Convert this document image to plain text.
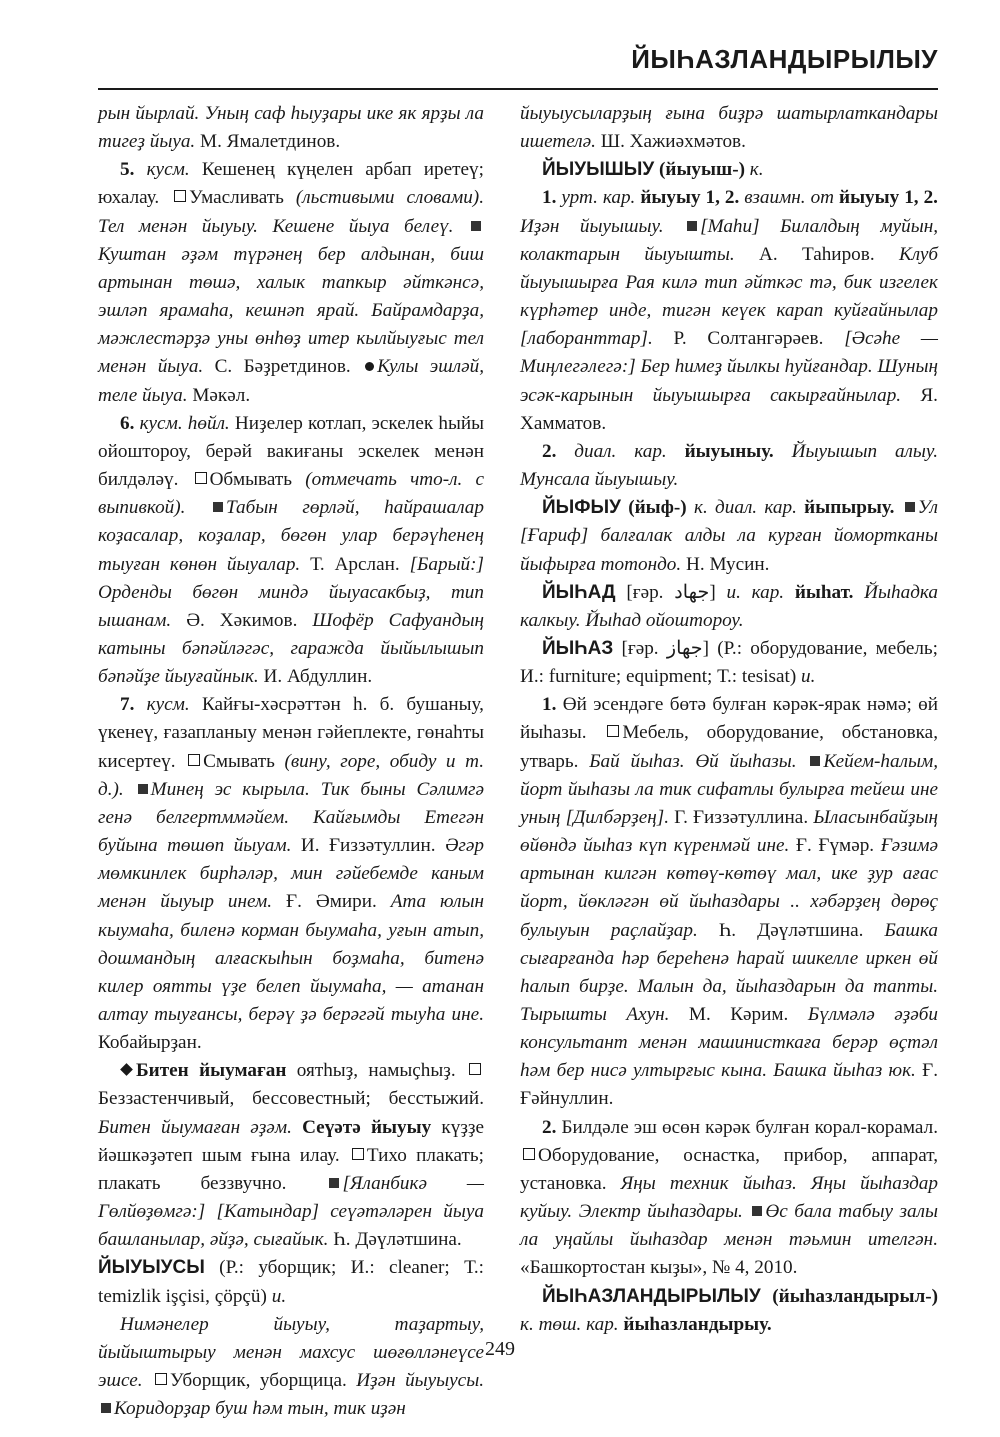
ЙЫҺАЗЛАНДЫРЫЛЫУ

рын йырлай. Уның саф һыуҙары ике як ярҙы ла тигеҙ йыуа. М. Ямалетдинов.

5. кусм. Кешенең күңелен арбап иретеү; юхалау. Умасливать (льстивыми словами). Тел менән йыуыу. Кешене йыуа белеү. Куштан әҙәм түрәнең бер алдынан, биш артынан төшә, халык тапкыр әйткәнсә, эшләп ярамаһа, кешнәп ярай. Байрамдарҙа, мәжлестәрҙә уны өнһөҙ итер кылйыуғыс тел менән йыуа. С. Бәҙретдинов. Кулы эшләй, теле йыуа. Мәкәл.

6. кусм. һөйл. Ниҙелер котлап, эскелек һыйы ойоштороу, берәй вакиғаны эскелек менән билдәләү. Обмывать (отмечать что-л. с выпивкой). Табын гөрләй, һайрашалар коҙасалар, коҙалар, бөгөн улар берәүһенең тыуған көнөн йыуалар. Т. Арслан. [Барый:] Орденды бөгөн миндә йыуасакбыҙ, тип ышанам. Ә. Хәкимов. Шофёр Сафуандың катыны бәпәйләгәс, гаражда йыйылышып бәпәйҙе йыуғайнык. И. Абдуллин.

7. кусм. Кайғы-хәсрәттән һ. б. бушаныу, үкенеү, ғазапланыу менән гәйеплекте, гөнаһты кисертеү. Смывать (вину, горе, обиду и т. д.). Минең эс кырыла. Тик быны Сәлимгә генә белгертммәйем. Кайғымды Етегән буйына төшөп йыуам. И. Ғиззәтуллин. Әгәр мөмкинлек бирһәләр, мин гәйебемде каным менән йыуыр инем. Ғ. Әмири. Ата юлын кыумаһа, биленә корман быумаһа, уғын атып, дошмандың алғаскыһын боҙмаһа, битенә килер оятты үҙе белеп йыумаһа, — атанан алтау тыуғансы, берәү ҙә берәгәй тыуһа ине. Кобайырҙан.

Битен йыумаған оятһыҙ, намыҫһыҙ. Беззастенчивый, бессовестный; бесстыжий. Битен йыумаған әҙәм. Сеүәтә йыуыу күҙҙе йәшкәҙәтеп шым ғына илау. Тихо плакать; плакать беззвучно. [Яланбикә — Гөлйөҙөмгә:] [Катындар] сеүәтәләрен йыуа башланылар, әйҙә, сығайык. Һ. Дәүләтшина.

ЙЫУЫУСЫ (Р.: уборщик; И.: cleaner; Т.: temizlik işçisi, çöpçü) и.

Нимәнелер йыуыу, таҙартыу, йыйыштырыу менән махсус шөғөлләнеүсе эшсе. Уборщик, уборщица. Иҙән йыуыусы. Коридорҙар буш һәм тын, тик иҙән

йыуыусыларҙың ғына биҙрә шатырлаткандары ишетелә. Ш. Хажиәхмәтов.

ЙЫУЫШЫУ (йыуыш-) к.

1. урт. кар. йыуыу 1, 2. взаимн. от йыуыу 1, 2. Иҙән йыуышыу. [Маһи] Билалдың муйын, колактарын йыуышты. А. Таһиров. Клуб йыуышырға Рая килә тип әйткәс тә, бик изгелек күрһәтер инде, тигән кеүек карап куйғайнылар [лаборанттар]. Р. Солтангәрәев. [Әсәһе — Миңлегәлегә:] Бер һимеҙ йылкы һуйғандар. Шуның эсәк-карынын йыуышырға сакырғайнылар. Я. Хамматов.

2. диал. кар. йыуыныу. Йыуышып алыу. Мунсала йыуышыу.

ЙЫФЫУ (йыф-) к. диал. кар. йыпырыу. Ул [Ғариф] балғалак алды ла курған йомортканы йыфырға тотондо. Н. Мусин.

ЙЫҺАД [ғәр. جهاد] и. кар. йыһат. Йыһадка калкыу. Йыһад ойоштороу.

ЙЫҺАЗ [ғәр. جهاز] (Р.: оборудование, мебель; И.: furniture; equipment; Т.: tesisat) и.

1. Өй эсендәге бөтә булған кәрәк-ярак нәмә; өй йыһазы. Мебель, оборудование, обстановка, утварь. Бай йыһаз. Өй йыһазы. Кейем-һалым, йорт йыһазы ла тик сифатлы булырға тейеш ине уның [Дилбәрҙең]. Г. Ғиззәтуллина. Ыласынбайҙың өйөндә йыһаз күп күренмәй ине. Ғ. Ғүмәр. Ғәзимә артынан килгән көтөү-көтөү мал, ике ҙур ағас йорт, йөкләгән өй йыһаздары .. хәбәрҙең дөрөҫ булыуын раҫлайҙар. Һ. Дәүләтшина. Башка сығарғанда һәр береһенә һарай шикелле иркен өй һалып бирҙе. Малын да, йыһаздарын да тапты. Тырышты Ахун. М. Кәрим. Бүлмәлә әҙәби консультант менән машинисткаға берәр өҫтәл һәм бер нисә ултырғыс кына. Башка йыһаз юк. Ғ. Ғәйнуллин.

2. Билдәле эш өсөн кәрәк булған корал-корамал. Оборудование, оснастка, прибор, аппарат, установка. Яңы техник йыһаз. Яңы йыһаздар куйыу. Электр йыһаздары. Өс бала табыу залы ла уңайлы йыһаздар менән тәьмин ителгән. «Башкортостан кыҙы», № 4, 2010.

ЙЫҺАЗЛАНДЫРЫЛЫУ (йыһазландырыл-) к. төш. кар. йыһазландырыу.

249
